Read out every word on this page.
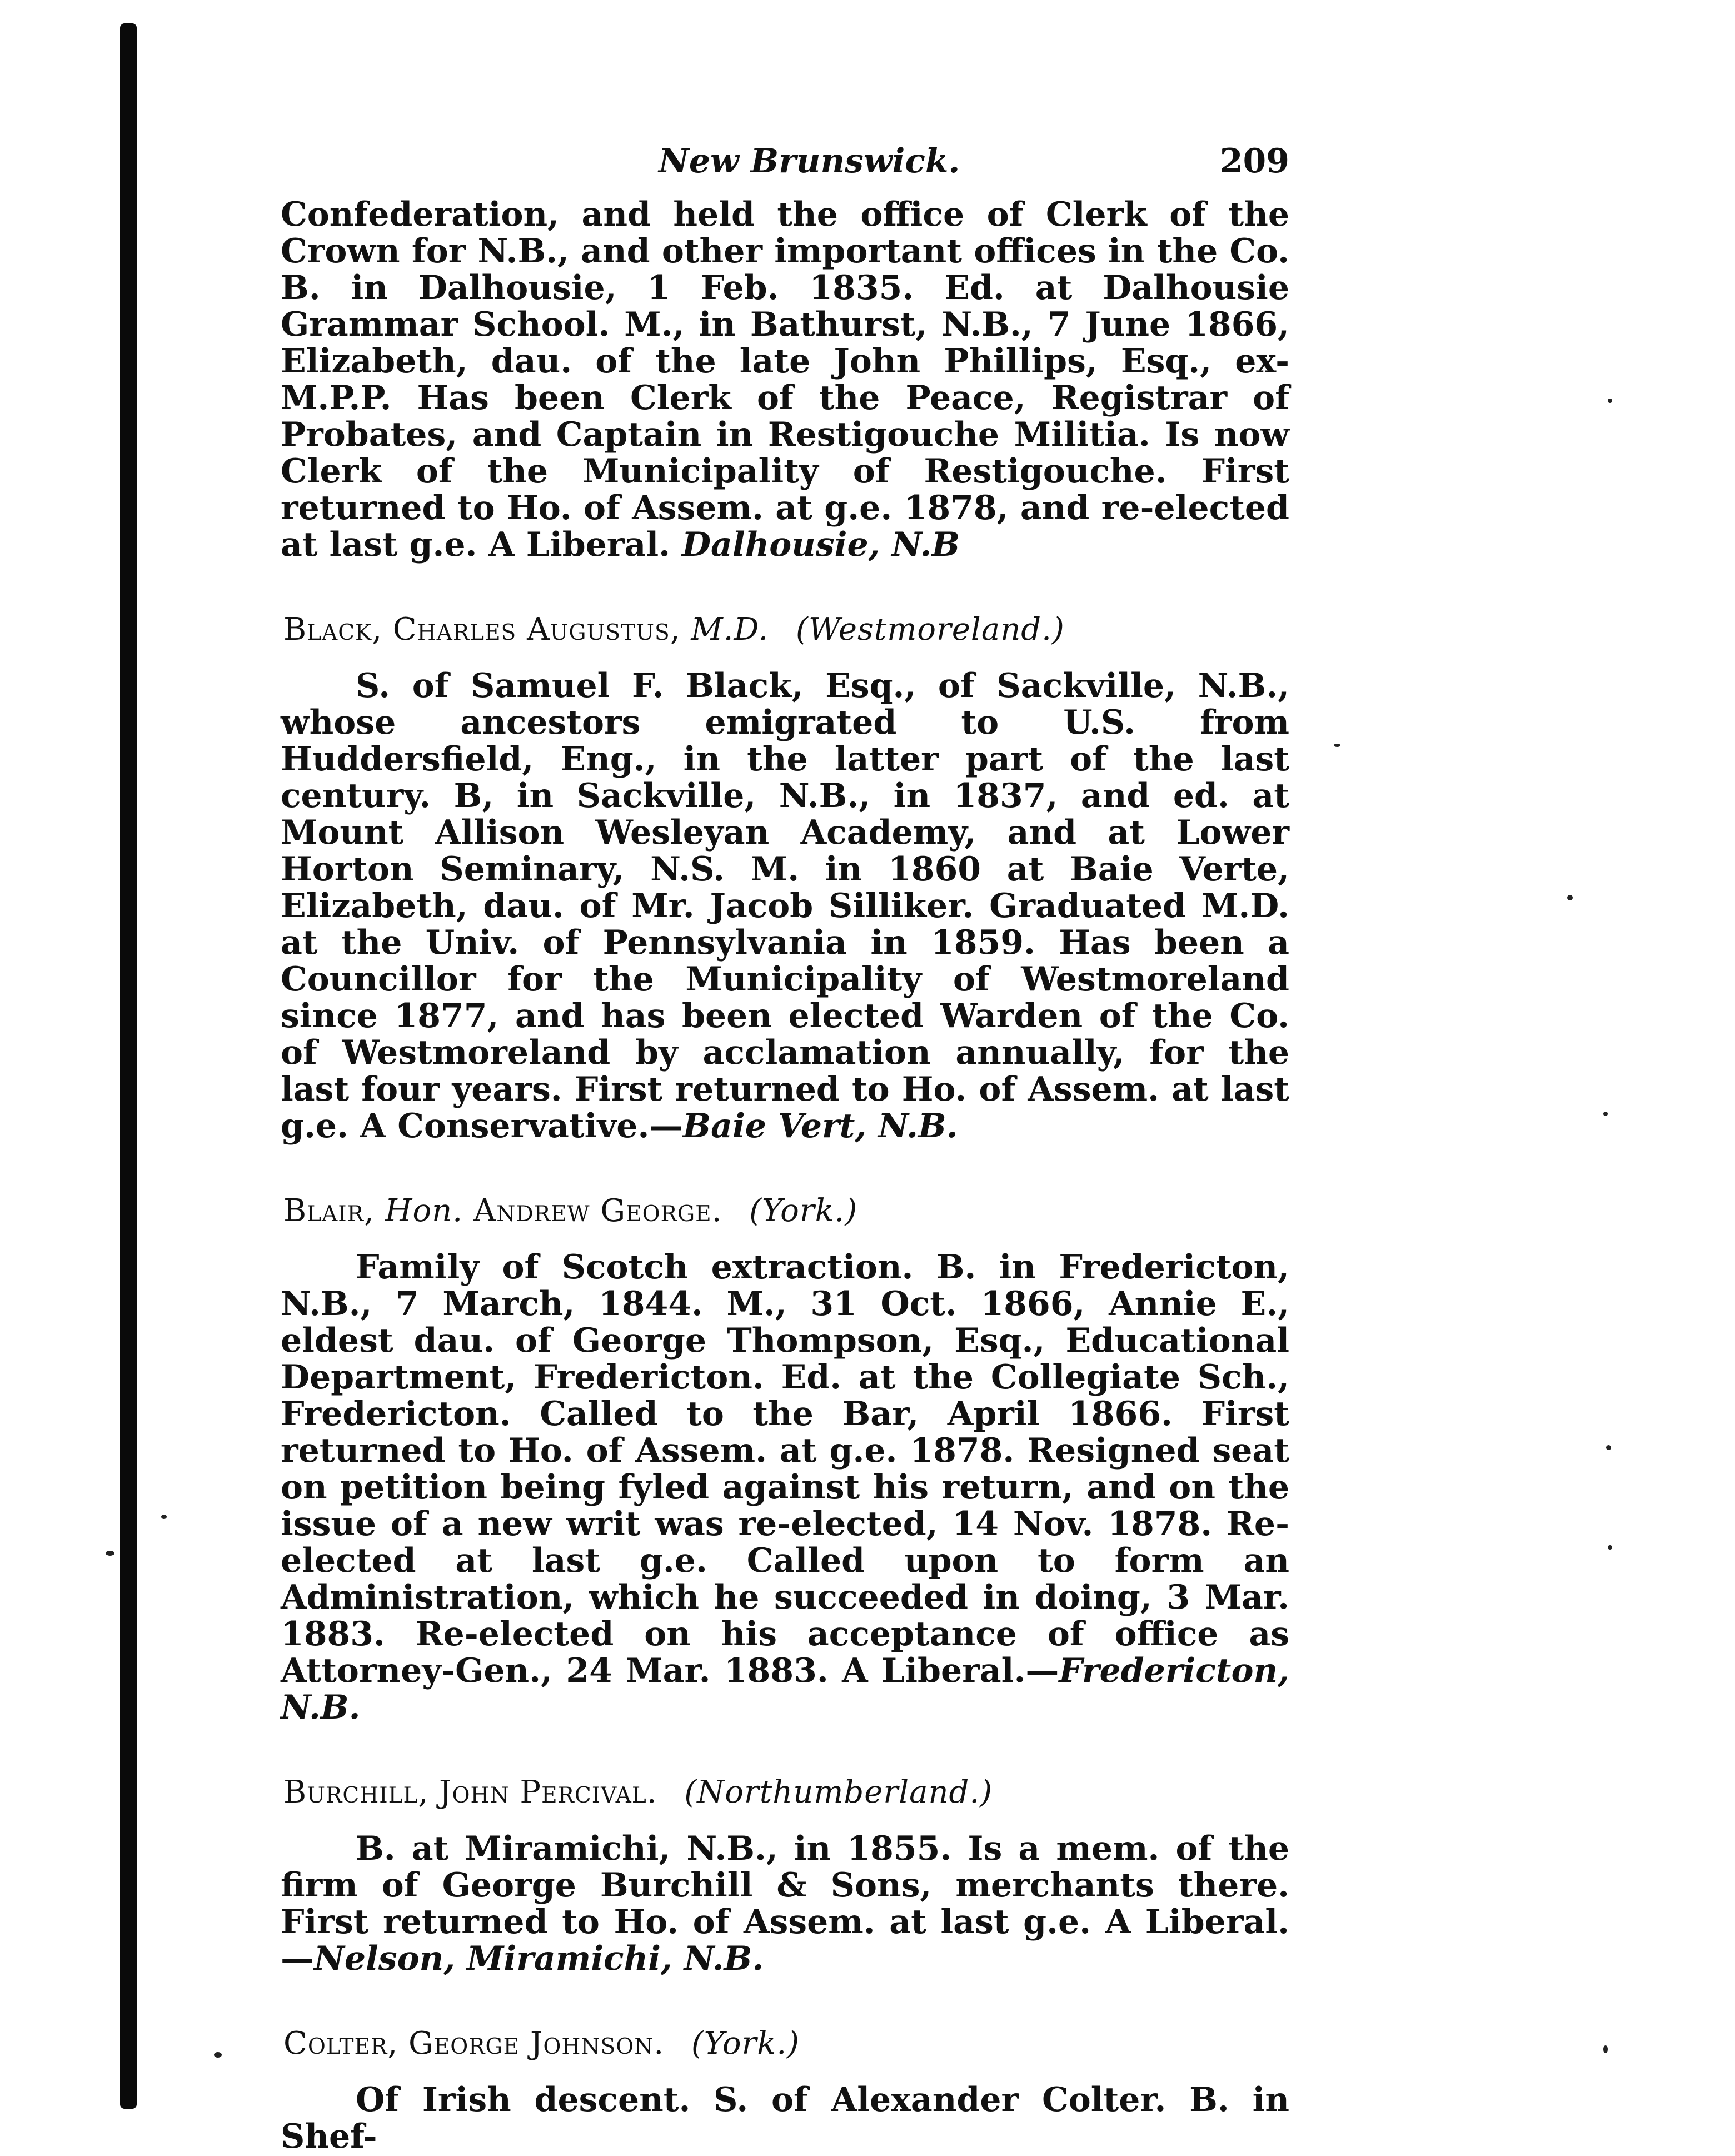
New Brunswick.	209

Confederation, and held the office of Clerk of the Crown for N.B., and other important offices in the Co. B. in Dalhousie, 1 Feb. 1835. Ed. at Dalhousie Grammar School. M., in Bathurst, N.B., 7 June 1866, Elizabeth, dau. of the late John Phillips, Esq., ex-M.P.P. Has been Clerk of the Peace, Registrar of Probates, and Captain in Restigouche Militia. Is now Clerk of the Municipality of Restigouche. First returned to Ho. of Assem. at g.e. 1878, and re-elected at last g.e. A Liberal. Dalhousie, N.B

Black, Charles Augustus, M.D. (Westmoreland.)

S. of Samuel F. Black, Esq., of Sackville, N.B., whose ancestors emigrated to U.S. from Huddersfield, Eng., in the latter part of the last century. B, in Sackville, N.B., in 1837, and ed. at Mount Allison Wesleyan Academy, and at Lower Horton Seminary, N.S. M. in 1860 at Baie Verte, Elizabeth, dau. of Mr. Jacob Silliker. Graduated M.D. at the Univ. of Pennsylvania in 1859. Has been a Councillor for the Municipality of Westmoreland since 1877, and has been elected Warden of the Co. of Westmoreland by acclamation annually, for the last four years. First returned to Ho. of Assem. at last g.e. A Conservative.—Baie Vert, N.B.

Blair, Hon. Andrew George. (York.)

Family of Scotch extraction. B. in Fredericton, N.B., 7 March, 1844. M., 31 Oct. 1866, Annie E., eldest dau. of George Thompson, Esq., Educational Department, Fredericton. Ed. at the Collegiate Sch., Fredericton. Called to the Bar, April 1866. First returned to Ho. of Assem. at g.e. 1878. Resigned seat on petition being fyled against his return, and on the issue of a new writ was re-elected, 14 Nov. 1878. Re-elected at last g.e. Called upon to form an Administration, which he succeeded in doing, 3 Mar. 1883. Re-elected on his acceptance of office as Attorney-Gen., 24 Mar. 1883. A Liberal.—Fredericton, N.B.

Burchill, John Percival. (Northumberland.)

B. at Miramichi, N.B., in 1855. Is a mem. of the firm of George Burchill & Sons, merchants there. First returned to Ho. of Assem. at last g.e. A Liberal.—Nelson, Miramichi, N.B.

Colter, George Johnson. (York.)

Of Irish descent. S. of Alexander Colter. B. in Shef-
